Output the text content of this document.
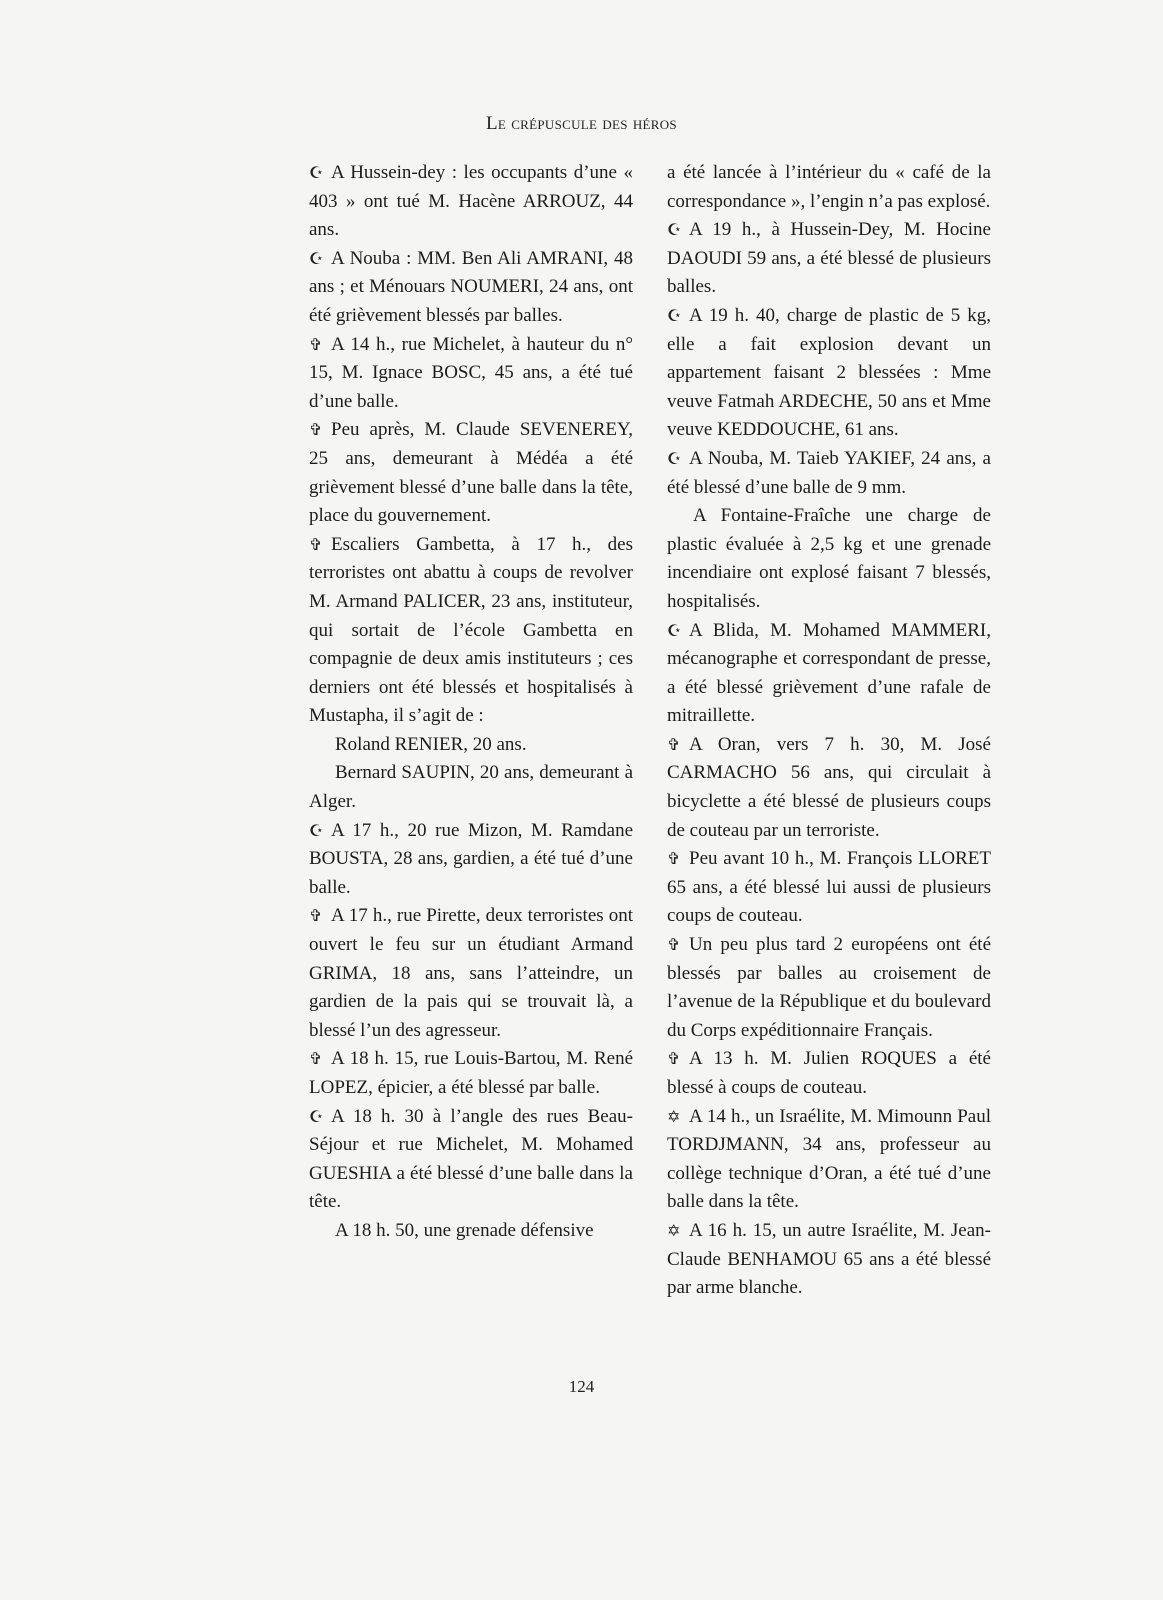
Le crépuscule des héros

☪ A Hussein-dey : les occupants d’une « 403 » ont tué M. Hacène ARROUZ, 44 ans.

☪ A Nouba : MM. Ben Ali AMRANI, 48 ans ; et Ménouars NOUMERI, 24 ans, ont été grièvement blessés par balles.

✞ A 14 h., rue Michelet, à hauteur du n° 15, M. Ignace BOSC, 45 ans, a été tué d’une balle.

✞ Peu après, M. Claude SEVENEREY, 25 ans, demeurant à Médéa a été grièvement blessé d’une balle dans la tête, place du gouvernement.

✞ Escaliers Gambetta, à 17 h., des terroristes ont abattu à coups de revolver M. Armand PALICER, 23 ans, instituteur, qui sortait de l’école Gambetta en compagnie de deux amis instituteurs ; ces derniers ont été blessés et hospitalisés à Mustapha, il s’agit de :

Roland RENIER, 20 ans.

Bernard SAUPIN, 20 ans, demeurant à Alger.

☪ A 17 h., 20 rue Mizon, M. Ramdane BOUSTA, 28 ans, gardien, a été tué d’une balle.

✞ A 17 h., rue Pirette, deux terroristes ont ouvert le feu sur un étudiant Armand GRIMA, 18 ans, sans l’atteindre, un gardien de la pais qui se trouvait là, a blessé l’un des agresseur.

✞ A 18 h. 15, rue Louis-Bartou, M. René LOPEZ, épicier, a été blessé par balle.

☪ A 18 h. 30 à l’angle des rues Beau-Séjour et rue Michelet, M. Mohamed GUESHIA a été blessé d’une balle dans la tête.

A 18 h. 50, une grenade défensive

a été lancée à l’intérieur du « café de la correspondance », l’engin n’a pas explosé.

☪ A 19 h., à Hussein-Dey, M. Hocine DAOUDI 59 ans, a été blessé de plusieurs balles.

☪ A 19 h. 40, charge de plastic de 5 kg, elle a fait explosion devant un appartement faisant 2 blessées : Mme veuve Fatmah ARDECHE, 50 ans et Mme veuve KEDDOUCHE, 61 ans.

☪ A Nouba, M. Taieb YAKIEF, 24 ans, a été blessé d’une balle de 9 mm.

A Fontaine-Fraîche une charge de plastic évaluée à 2,5 kg et une grenade incendiaire ont explosé faisant 7 blessés, hospitalisés.

☪ A Blida, M. Mohamed MAMMERI, mécanographe et correspondant de presse, a été blessé grièvement d’une rafale de mitraillette.

✞ A Oran, vers 7 h. 30, M. José CARMACHO 56 ans, qui circulait à bicyclette a été blessé de plusieurs coups de couteau par un terroriste.

✞ Peu avant 10 h., M. François LLORET 65 ans, a été blessé lui aussi de plusieurs coups de couteau.

✞ Un peu plus tard 2 européens ont été blessés par balles au croisement de l’avenue de la République et du boulevard du Corps expéditionnaire Français.

✞ A 13 h. M. Julien ROQUES a été blessé à coups de couteau.

✡ A 14 h., un Israélite, M. Mimounn Paul TORDJMANN, 34 ans, professeur au collège technique d’Oran, a été tué d’une balle dans la tête.

✡ A 16 h. 15, un autre Israélite, M. Jean-Claude BENHAMOU 65 ans a été blessé par arme blanche.

124
